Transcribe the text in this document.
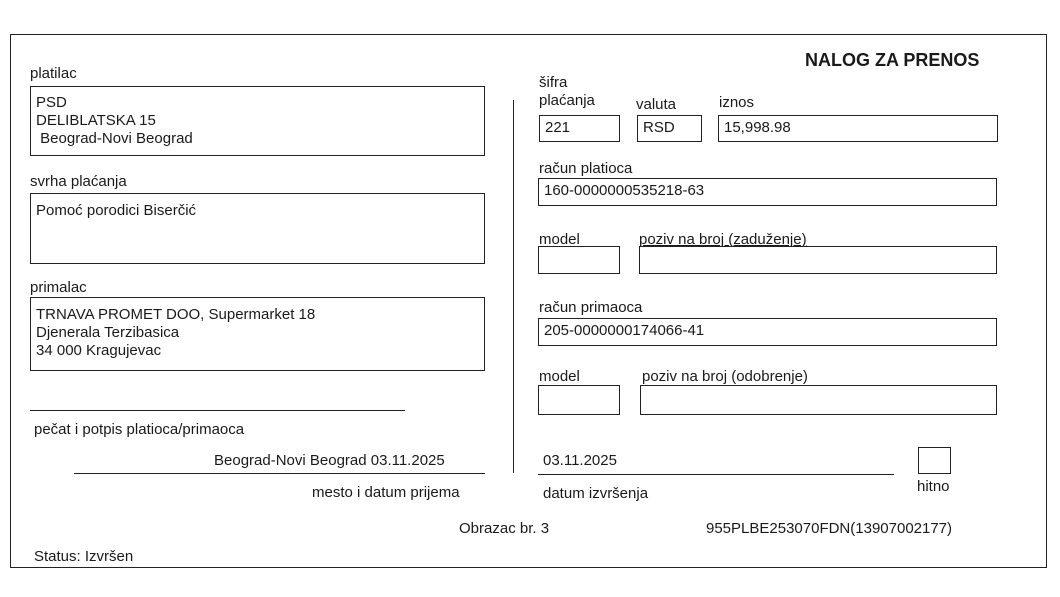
NALOG ZA PRENOS
platilac
PSD
DELIBLATSKA 15
Beograd-Novi Beograd
svrha plaćanja
Pomoć porodici Biserčić
primalac
TRNAVA PROMET DOO, Supermarket 18
Djenerala Terzibasica
34 000 Kragujevac
pečat i potpis platioca/primaoca
Beograd-Novi Beograd 03.11.2025
mesto i datum prijema
šifra
plaćanja	valuta	iznos
221	RSD	15,998.98
račun platioca
160-0000000535218-63
model	poziv na broj (zaduženje)
račun primaoca
205-0000000174066-41
model	poziv na broj (odobrenje)
03.11.2025
datum izvršenja	hitno
Obrazac br. 3	955PLBE253070FDN(13907002177)
Status: Izvršen
